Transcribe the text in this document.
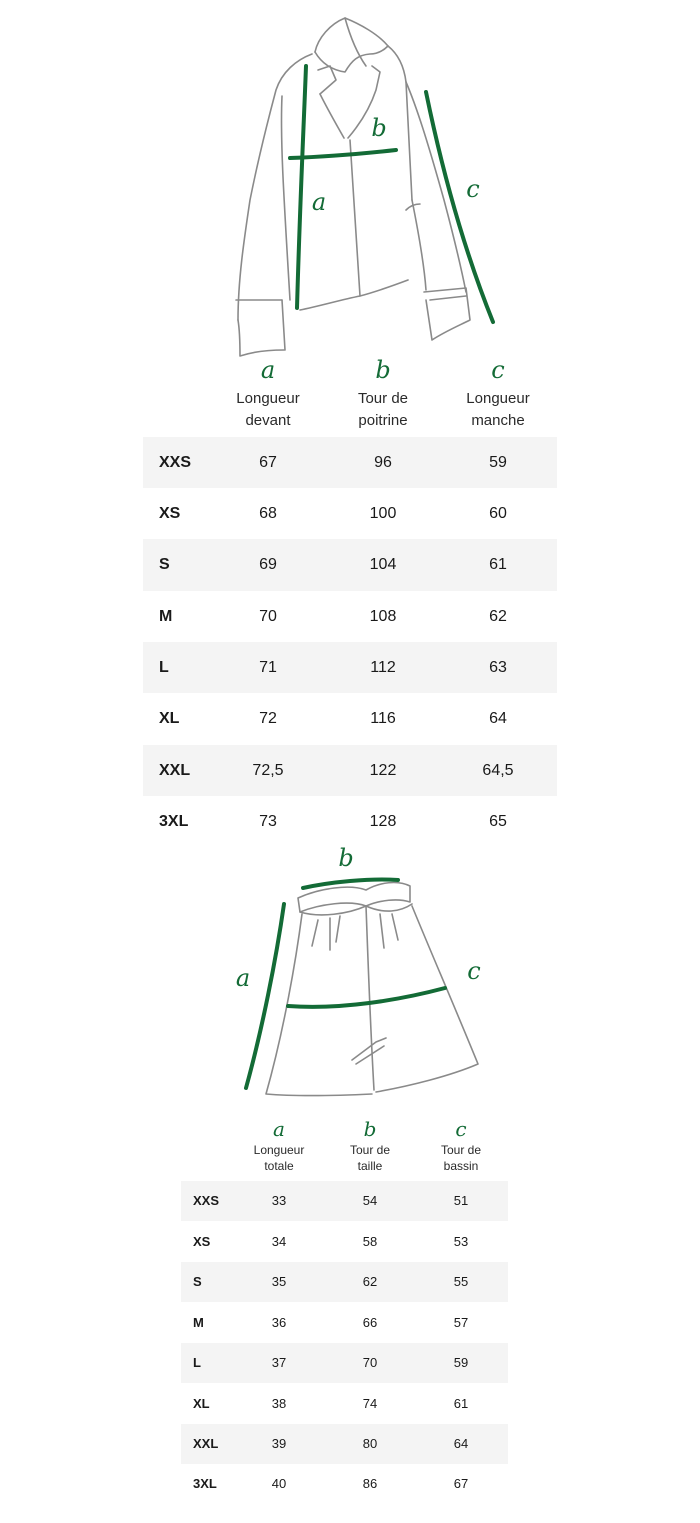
a
b
c
a
Longueur
devant
b
Tour de
poitrine
c
Longueur
manche
XXS	67	96	59
XS	68	100	60
S	69	104	61
M	70	108	62
L	71	112	63
XL	72	116	64
XXL	72,5	122	64,5
3XL	73	128	65
b
a	c
a
Longueur
totale
b
Tour de
taille
c
Tour de
bassin
XXS	33	54	51
XS	34	58	53
S	35	62	55
M	36	66	57
L	37	70	59
XL	38	74	61
XXL	39	80	64
3XL	40	86	67
